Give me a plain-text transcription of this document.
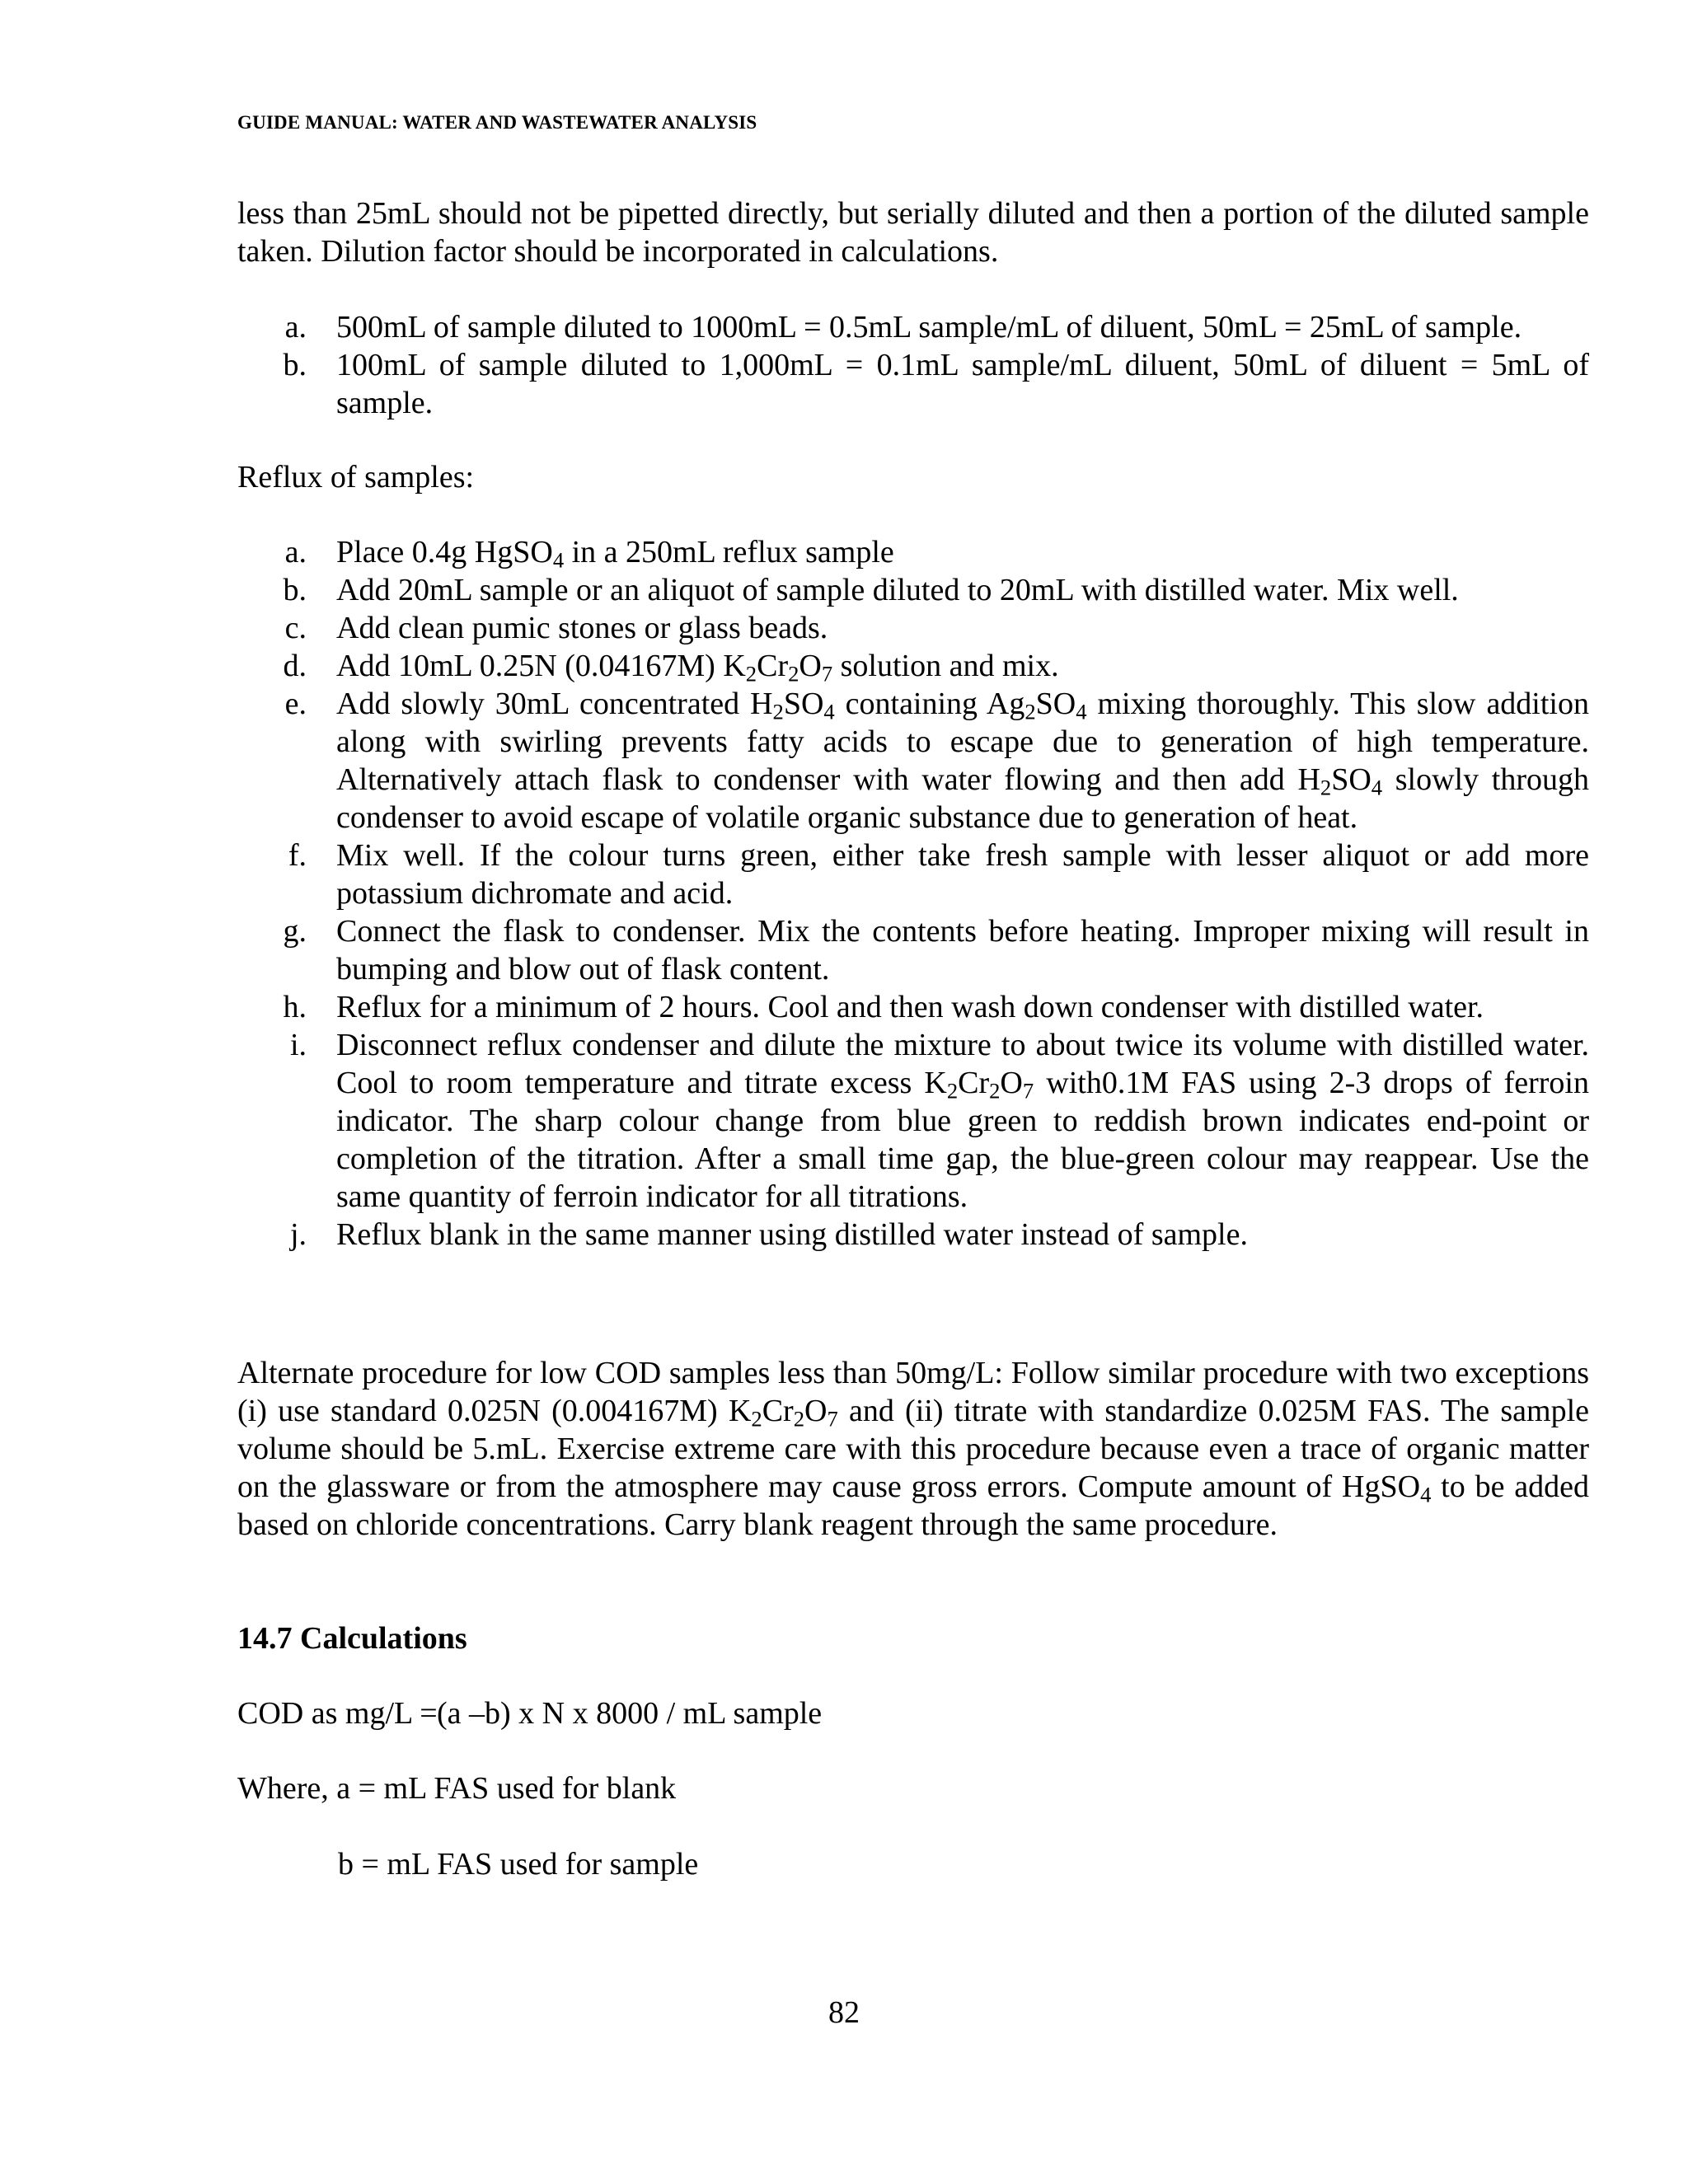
GUIDE MANUAL: WATER AND WASTEWATER ANALYSIS

less than 25mL should not be pipetted directly, but serially diluted and then a portion of the diluted sample taken. Dilution factor should be incorporated in calculations.

a. 500mL of sample diluted to 1000mL = 0.5mL sample/mL of diluent, 50mL = 25mL of sample.
b. 100mL of sample diluted to 1,000mL = 0.1mL sample/mL diluent, 50mL of diluent = 5mL of sample.

Reflux of samples:

a. Place 0.4g HgSO$_4$ in a 250mL reflux sample
b. Add 20mL sample or an aliquot of sample diluted to 20mL with distilled water. Mix well.
c. Add clean pumic stones or glass beads.
d. Add 10mL 0.25N (0.04167M) $K_2Cr_2O_7$ solution and mix.
e. Add slowly 30mL concentrated $H_2SO_4$ containing $Ag_2SO_4$ mixing thoroughly. This slow addition along with swirling prevents fatty acids to escape due to generation of high temperature. Alternatively attach flask to condenser with water flowing and then add $H_2SO_4$ slowly through condenser to avoid escape of volatile organic substance due to generation of heat.
f. Mix well. If the colour turns green, either take fresh sample with lesser aliquot or add more potassium dichromate and acid.
g. Connect the flask to condenser. Mix the contents before heating. Improper mixing will result in bumping and blow out of flask content.
h. Reflux for a minimum of 2 hours. Cool and then wash down condenser with distilled water.
i. Disconnect reflux condenser and dilute the mixture to about twice its volume with distilled water. Cool to room temperature and titrate excess $K_2Cr_2O_7$ with0.1M FAS using 2-3 drops of ferroin indicator. The sharp colour change from blue green to reddish brown indicates end-point or completion of the titration. After a small time gap, the blue-green colour may reappear. Use the same quantity of ferroin indicator for all titrations.
j. Reflux blank in the same manner using distilled water instead of sample.

Alternate procedure for low COD samples less than 50mg/L: Follow similar procedure with two exceptions (i) use standard 0.025N (0.004167M) $K_2Cr_2O_7$ and (ii) titrate with standardize 0.025M FAS. The sample volume should be 5.mL. Exercise extreme care with this procedure because even a trace of organic matter on the glassware or from the atmosphere may cause gross errors. Compute amount of HgSO$_4$ to be added based on chloride concentrations. Carry blank reagent through the same procedure.

14.7 Calculations
COD as mg/L = (a –b) x N x 8000 / mL sample
Where, a = mL FAS used for blank
b = mL FAS used for sample
82
